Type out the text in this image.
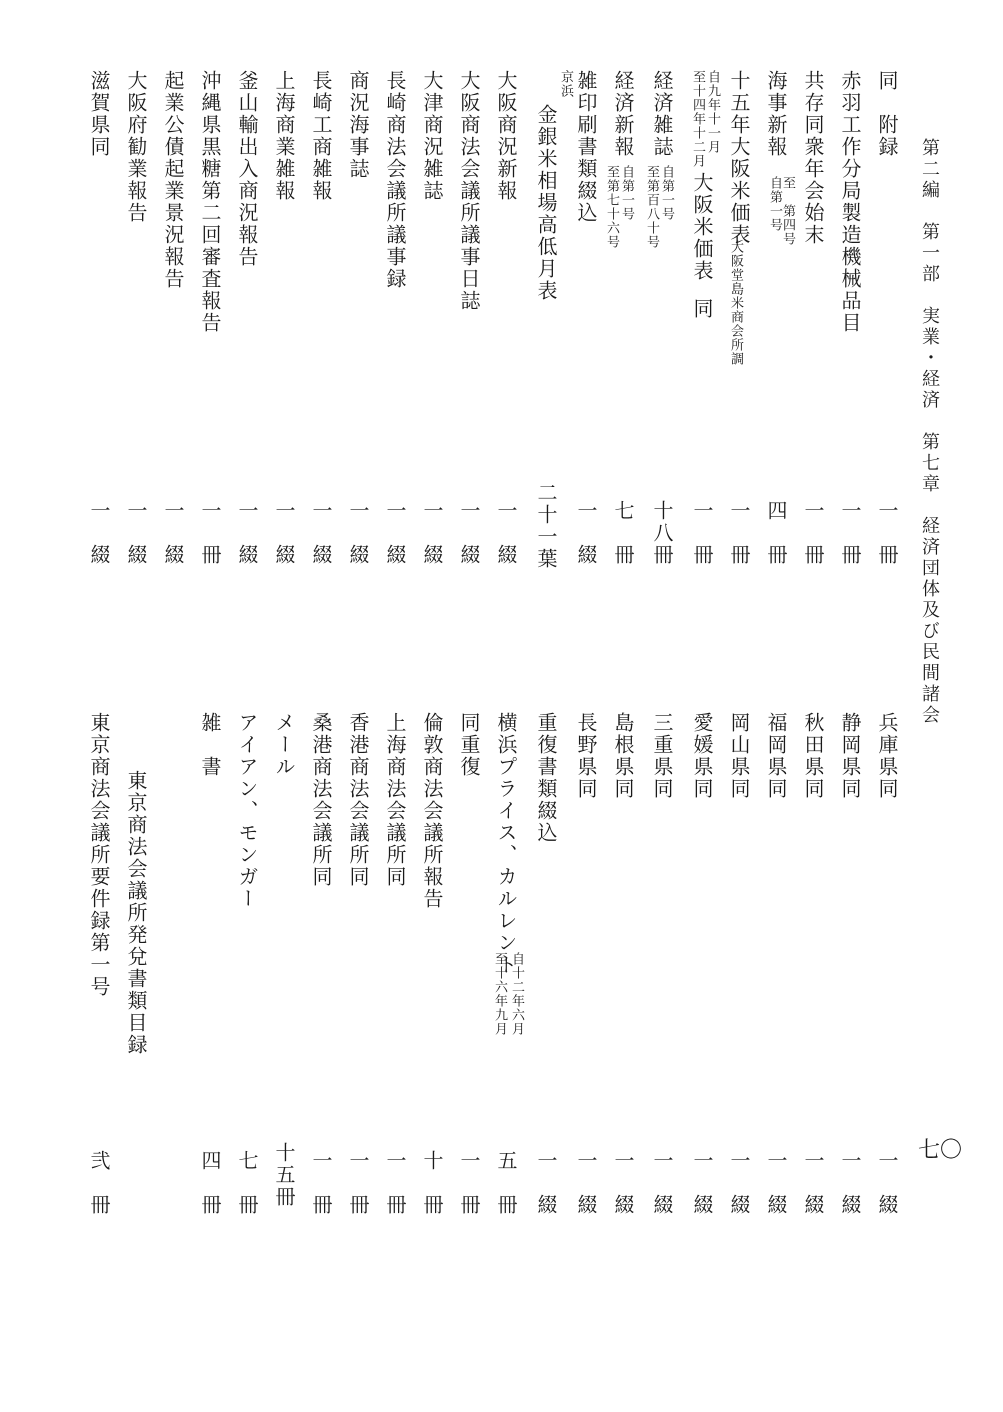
第二編　第一部　実業・経済　第七章　経済団体及び民間諸会
七〇
同　附録
赤羽工作分局製造機械品目
共存同衆年会始末
海事新報
自第一号
至　第四号
十五年大阪米価表
大阪堂島米商会所調
自九年十一月
至十四年十二月
大阪米価表
同
経済雑誌
自第一号
至第百八十号
経済新報
自第一号
至第七十六号
雑印刷書類綴込
京浜
金銀米相場高低月表
大阪商況新報
大阪商法会議所議事日誌
大津商況雑誌
長崎商法会議所議事録
商況海事誌
長崎工商雑報
上海商業雑報
釜山輸出入商況報告
沖縄県黒糖第二回審査報告
起業公債起業景況報告
大阪府勧業報告
滋賀県同
一　冊
一　冊
一　冊
四　冊
一　冊
一　冊
十八冊
七　冊
一　綴
二十一葉
一　綴
一　綴
一　綴
一　綴
一　綴
一　綴
一　綴
一　綴
一　冊
一　綴
一　綴
一　綴
兵庫県同
静岡県同
秋田県同
福岡県同
岡山県同
愛媛県同
三重県同
島根県同
長野県同
重復書類綴込
横浜プライス、カルレント
自十二年六月
至十六年九月
同重復
倫敦商法会議所報告
上海商法会議所同
香港商法会議所同
桑港商法会議所同
メール
アイアン、モンガー
雑　書
東京商法会議所発兌書類目録
東京商法会議所要件録第一号
一　綴
一　綴
一　綴
一　綴
一　綴
一　綴
一　綴
一　綴
一　綴
一　綴
五　冊
一　冊
十　冊
一　冊
一　冊
一　冊
十五冊
七　冊
四　冊
弐　冊
